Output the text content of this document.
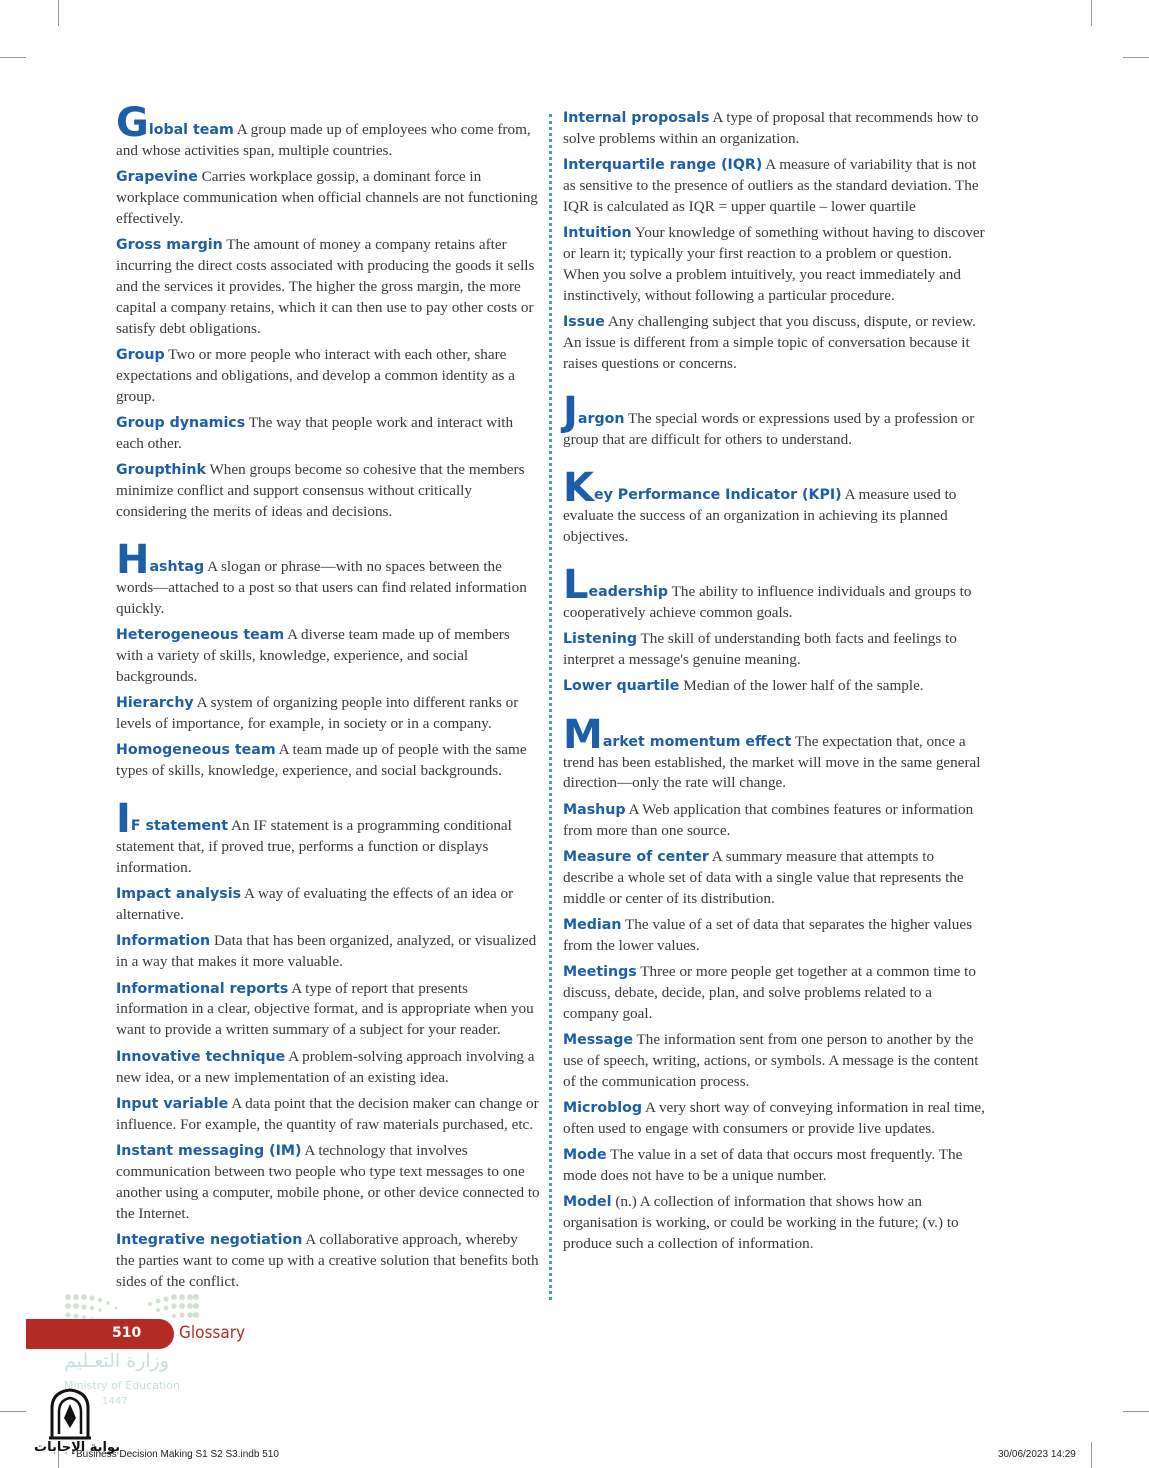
Global team A group made up of employees who come from, and whose activities span, multiple countries.
Grapevine Carries workplace gossip, a dominant force in workplace communication when official channels are not functioning effectively.
Gross margin The amount of money a company retains after incurring the direct costs associated with producing the goods it sells and the services it provides. The higher the gross margin, the more capital a company retains, which it can then use to pay other costs or satisfy debt obligations.
Group Two or more people who interact with each other, share expectations and obligations, and develop a common identity as a group.
Group dynamics The way that people work and interact with each other.
Groupthink When groups become so cohesive that the members minimize conflict and support consensus without critically considering the merits of ideas and decisions.
Hashtag A slogan or phrase—with no spaces between the words—attached to a post so that users can find related information quickly.
Heterogeneous team A diverse team made up of members with a variety of skills, knowledge, experience, and social backgrounds.
Hierarchy A system of organizing people into different ranks or levels of importance, for example, in society or in a company.
Homogeneous team A team made up of people with the same types of skills, knowledge, experience, and social backgrounds.
IF statement An IF statement is a programming conditional statement that, if proved true, performs a function or displays information.
Impact analysis A way of evaluating the effects of an idea or alternative.
Information Data that has been organized, analyzed, or visualized in a way that makes it more valuable.
Informational reports A type of report that presents information in a clear, objective format, and is appropriate when you want to provide a written summary of a subject for your reader.
Innovative technique A problem-solving approach involving a new idea, or a new implementation of an existing idea.
Input variable A data point that the decision maker can change or influence. For example, the quantity of raw materials purchased, etc.
Instant messaging (IM) A technology that involves communication between two people who type text messages to one another using a computer, mobile phone, or other device connected to the Internet.
Integrative negotiation A collaborative approach, whereby the parties want to come up with a creative solution that benefits both sides of the conflict.
Internal proposals A type of proposal that recommends how to solve problems within an organization.
Interquartile range (IQR) A measure of variability that is not as sensitive to the presence of outliers as the standard deviation. The IQR is calculated as IQR = upper quartile – lower quartile
Intuition Your knowledge of something without having to discover or learn it; typically your first reaction to a problem or question. When you solve a problem intuitively, you react immediately and instinctively, without following a particular procedure.
Issue Any challenging subject that you discuss, dispute, or review. An issue is different from a simple topic of conversation because it raises questions or concerns.
Jargon The special words or expressions used by a profession or group that are difficult for others to understand.
Key Performance Indicator (KPI) A measure used to evaluate the success of an organization in achieving its planned objectives.
Leadership The ability to influence individuals and groups to cooperatively achieve common goals.
Listening The skill of understanding both facts and feelings to interpret a message's genuine meaning.
Lower quartile Median of the lower half of the sample.
Market momentum effect The expectation that, once a trend has been established, the market will move in the same general direction—only the rate will change.
Mashup A Web application that combines features or information from more than one source.
Measure of center A summary measure that attempts to describe a whole set of data with a single value that represents the middle or center of its distribution.
Median The value of a set of data that separates the higher values from the lower values.
Meetings Three or more people get together at a common time to discuss, debate, decide, plan, and solve problems related to a company goal.
Message The information sent from one person to another by the use of speech, writing, actions, or symbols. A message is the content of the communication process.
Microblog A very short way of conveying information in real time, often used to engage with consumers or provide live updates.
Mode The value in a set of data that occurs most frequently. The mode does not have to be a unique number.
Model (n.) A collection of information that shows how an organisation is working, or could be working in the future; (v.) to produce such a collection of information.
510 Glossary
وزارة التعـليم
Ministry of Education
1447
بوابة الإجابات
Business Decision Making S1 S2 S3.indb 510	30/06/2023 14:29
